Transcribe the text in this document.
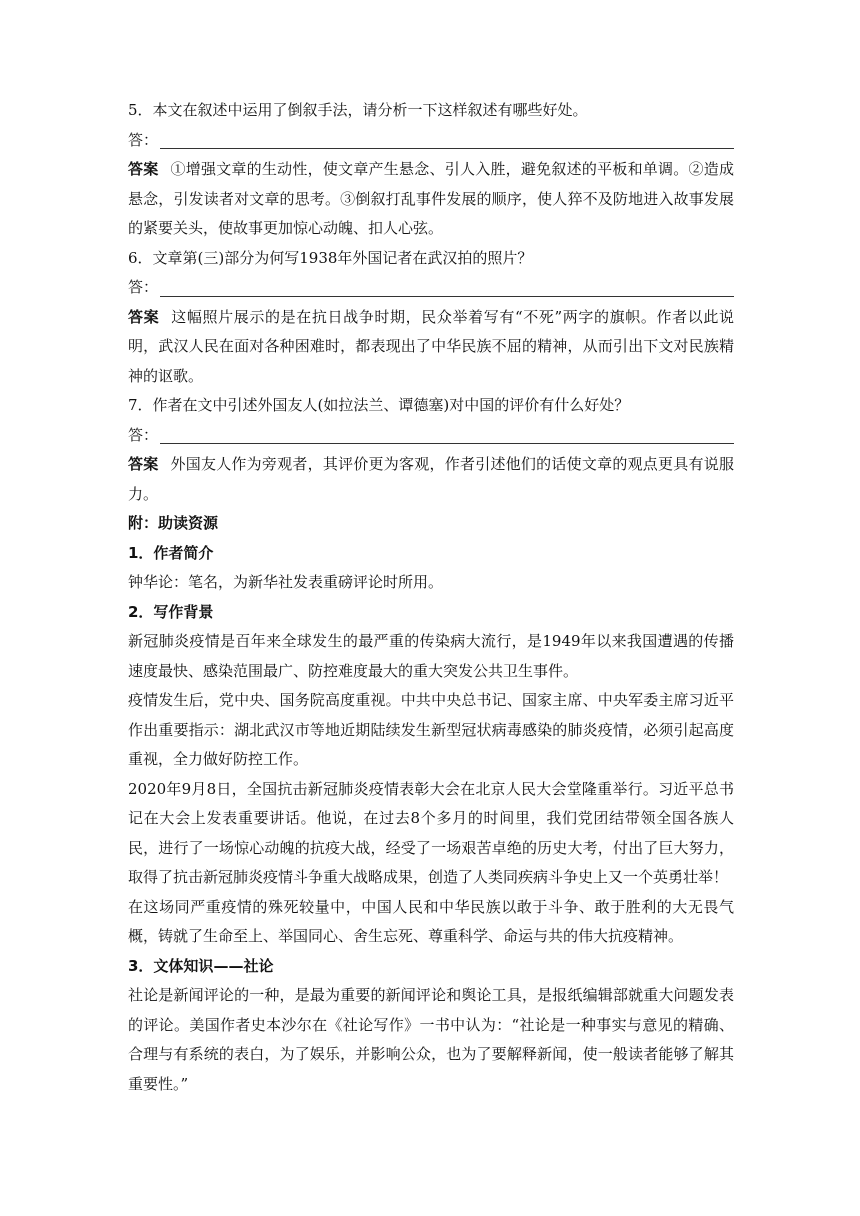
5．本文在叙述中运用了倒叙手法，请分析一下这样叙述有哪些好处。

答：

答案 ①增强文章的生动性，使文章产生悬念、引人入胜，避免叙述的平板和单调。②造成悬念，引发读者对文章的思考。③倒叙打乱事件发展的顺序，使人猝不及防地进入故事发展的紧要关头，使故事更加惊心动魄、扣人心弦。

6．文章第(三)部分为何写1938年外国记者在武汉拍的照片？

答：

答案 这幅照片展示的是在抗日战争时期，民众举着写有“不死”两字的旗帜。作者以此说明，武汉人民在面对各种困难时，都表现出了中华民族不屈的精神，从而引出下文对民族精神的讴歌。

7．作者在文中引述外国友人(如拉法兰、谭德塞)对中国的评价有什么好处？

答：

答案 外国友人作为旁观者，其评价更为客观，作者引述他们的话使文章的观点更具有说服力。

附：助读资源

1．作者简介

钟华论：笔名，为新华社发表重磅评论时所用。

2．写作背景

新冠肺炎疫情是百年来全球发生的最严重的传染病大流行，是1949年以来我国遭遇的传播速度最快、感染范围最广、防控难度最大的重大突发公共卫生事件。

疫情发生后，党中央、国务院高度重视。中共中央总书记、国家主席、中央军委主席习近平作出重要指示：湖北武汉市等地近期陆续发生新型冠状病毒感染的肺炎疫情，必须引起高度重视，全力做好防控工作。

2020年9月8日，全国抗击新冠肺炎疫情表彰大会在北京人民大会堂隆重举行。习近平总书记在大会上发表重要讲话。他说，在过去8个多月的时间里，我们党团结带领全国各族人民，进行了一场惊心动魄的抗疫大战，经受了一场艰苦卓绝的历史大考，付出了巨大努力，取得了抗击新冠肺炎疫情斗争重大战略成果，创造了人类同疾病斗争史上又一个英勇壮举！

在这场同严重疫情的殊死较量中，中国人民和中华民族以敢于斗争、敢于胜利的大无畏气概，铸就了生命至上、举国同心、舍生忘死、尊重科学、命运与共的伟大抗疫精神。

3．文体知识——社论

社论是新闻评论的一种，是最为重要的新闻评论和舆论工具，是报纸编辑部就重大问题发表的评论。美国作者史本沙尔在《社论写作》一书中认为：“社论是一种事实与意见的精确、合理与有系统的表白，为了娱乐，并影响公众，也为了要解释新闻，使一般读者能够了解其重要性。”
